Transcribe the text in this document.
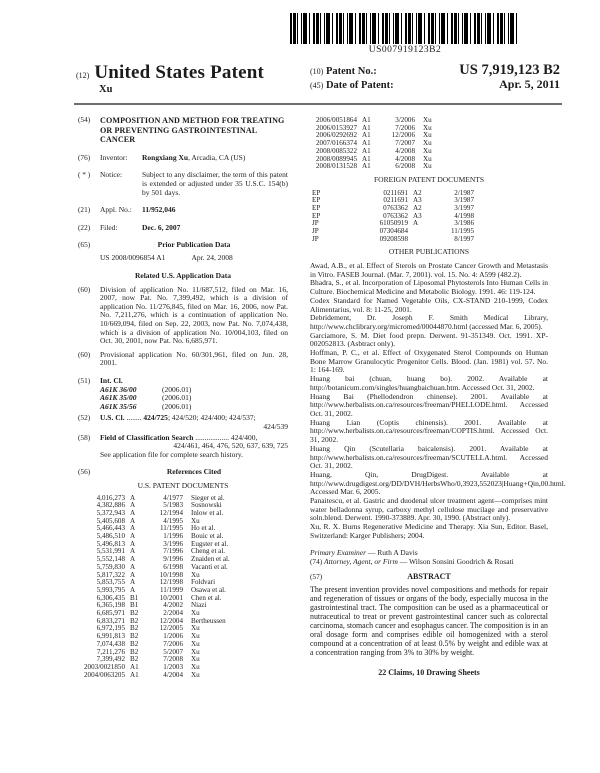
US007919123B2
(12) United States Patent
Xu
(10) Patent No.:	US 7,919,123 B2
(45) Date of Patent:	Apr. 5, 2011
(54)	COMPOSITION AND METHOD FOR TREATING OR PREVENTING GASTROINTESTINAL CANCER
(76)	Inventor:	Rongxiang Xu, Arcadia, CA (US)
( * )	Notice:	Subject to any disclaimer, the term of this patent is extended or adjusted under 35 U.S.C. 154(b) by 501 days.
(21)	Appl. No.:	11/952,046
(22)	Filed:	Dec. 6, 2007
(65)	Prior Publication Data
US 2008/0096854 A1	Apr. 24, 2008
Related U.S. Application Data
(60)	Division of application No. 11/687,512, filed on Mar. 16, 2007, now Pat. No. 7,399,492, which is a division of application No. 11/276,845, filed on Mar. 16, 2006, now Pat. No. 7,211,276, which is a continuation of application No. 10/669,094, filed on Sep. 22, 2003, now Pat. No. 7,074,438, which is a division of application No. 10/004,103, filed on Oct. 30, 2001, now Pat. No. 6,685,971.
(60)	Provisional application No. 60/301,961, filed on Jun. 28, 2001.
(51)	Int. Cl.
A61K 36/00	(2006.01)
A61K 35/00	(2006.01)
A61K 35/56	(2006.01)
(52)	U.S. Cl. ........ 424/725; 424/520; 424/400; 424/537;
424/539
(58)	Field of Classification Search .................. 424/400,
424/461, 464, 476, 520, 637, 639, 725
See application file for complete search history.
(56)	References Cited
U.S. PATENT DOCUMENTS
4,016,273 A	4/1977	Sieger et al.
4,382,886 A	5/1983	Sosnowski
5,372,943 A	12/1994	Inlow et al.
5,405,608 A	4/1995	Xu
5,466,443 A	11/1995	Ho et al.
5,486,510 A	1/1996	Bouic et al.
5,496,813 A	3/1996	Eugster et al.
5,531,991 A	7/1996	Cheng et al.
5,552,148 A	9/1996	Znaiden et al.
5,759,830 A	6/1998	Vacanti et al.
5,817,322 A	10/1998	Xu
5,853,755 A	12/1998	Foldvari
5,993,795 A	11/1999	Osawa et al.
6,306,435 B1	10/2001	Chen et al.
6,365,198 B1	4/2002	Niazi
6,685,971 B2	2/2004	Xu
6,833,271 B2	12/2004	Bertheussen
6,972,195 B2	12/2005	Xu
6,991,813 B2	1/2006	Xu
7,074,438 B2	7/2006	Xu
7,211,276 B2	5/2007	Xu
7,399,492 B2	7/2008	Xu
2003/0021850 A1	1/2003	Xu
2004/0063205 A1	4/2004	Xu
2006/0051864 A1	3/2006	Xu
2006/0153927 A1	7/2006	Xu
2006/0292692 A1	12/2006	Xu
2007/0166374 A1	7/2007	Xu
2008/0085322 A1	4/2008	Xu
2008/0089945 A1	4/2008	Xu
2008/0131528 A1	6/2008	Xu
FOREIGN PATENT DOCUMENTS
EP	0211691 A2	2/1987
EP	0211691 A3	3/1987
EP	0763362 A2	3/1997
EP	0763362 A3	4/1998
JP	61050919 A	3/1986
JP	07304684	11/1995
JP	09208598	8/1997
OTHER PUBLICATIONS

Awad, A.B., et al. Effect of Sterols on Prostate Cancer Growth and Metastasis in Vitro. FASEB Journal. (Mar. 7, 2001). vol. 15. No. 4: A599 (482.2).

Bhadra, S., et al. Incorporation of Liposomal Phytosterols Into Human Cells in Culture. Biochemical Medicine and Metabolic Biology. 1991. 46: 119-124.

Codex Standard for Named Vegetable Oils, CX-STAND 210-1999, Codex Alimentarius, vol. 8: 11-25, 2001.

Debridement, Dr. Joseph F. Smith Medical Library, http://www.chclibrary.org/micromed/00044870.html (accessed Mar. 6, 2005).

Garciamore, S. M. Diet food prepn. Derwent. 91-351349. Oct. 1991. XP-002052813. (Asbtract only).

Hoffman, P. C., et al. Effect of Oxygenated Sterol Compounds on Human Bone Marrow Granulocytic Progenitor Cells. Blood. (Jan. 1981) vol. 57. No. 1: 164-169.

Huang bai (chuan, huang bo). 2002. Available at http://botanicum.com/singles/huangbaichuan.htm. Accessed Oct. 31, 2002.

Huang Bai (Phellodendron chinense). 2001. Available at http://www.herbalists.on.ca/resources/freeman/PHELLODE.html. Accessed Oct. 31, 2002.

Huang Lian (Coptis chinensis). 2001. Available at http://www.herbalists.on.ca/resources/freeman/COPTIS.html. Accessed Oct. 31, 2002.

Huang Qin (Scutellaria baicalensis). 2001. Available at http://www.herbalists.on.ca/resources/freeman/SCUTELLA.html. Accessed Oct. 31, 2002.

Huang, Qin, DrugDigest. Available at http://www.drugdigest.org/DD/DVH/HerbsWho/0,3923,552023|Huang+Qin,00.html. Accessed Mar. 6, 2005.

Panaitescu, et al. Gastric and duodenal ulcer treatment agent—comprises mint water belladonna syrup, carboxy methyl cellulose mucilage and preservative soln.blend. Derwent. 1990-373889. Apr. 30, 1990. (Abstract only).

Xu, R. X. Burns Regenerative Medicine and Therapy. Xia Sun, Editor. Basel, Switzerland: Karger Publishers; 2004.

Primary Examiner — Ruth A Davis

(74) Attorney, Agent, or Firm — Wilson Sonsini Goodrich & Rosati

(57)	ABSTRACT
The present invention provides novel compositions and methods for repair and regeneration of tissues or organs of the body, especially mucosa in the gastrointestinal tract. The composition can be used as a pharmaceutical or nutraceutical to treat or prevent gastrointestinal cancer such as colorectal carcinoma, stomach cancer and esophagus cancer. The composition is in an oral dosage form and comprises edible oil homogenized with a sterol compound at a concentration of at least 0.5% by weight and edible wax at a concentration ranging from 3% to 30% by weight.
22 Claims, 10 Drawing Sheets
